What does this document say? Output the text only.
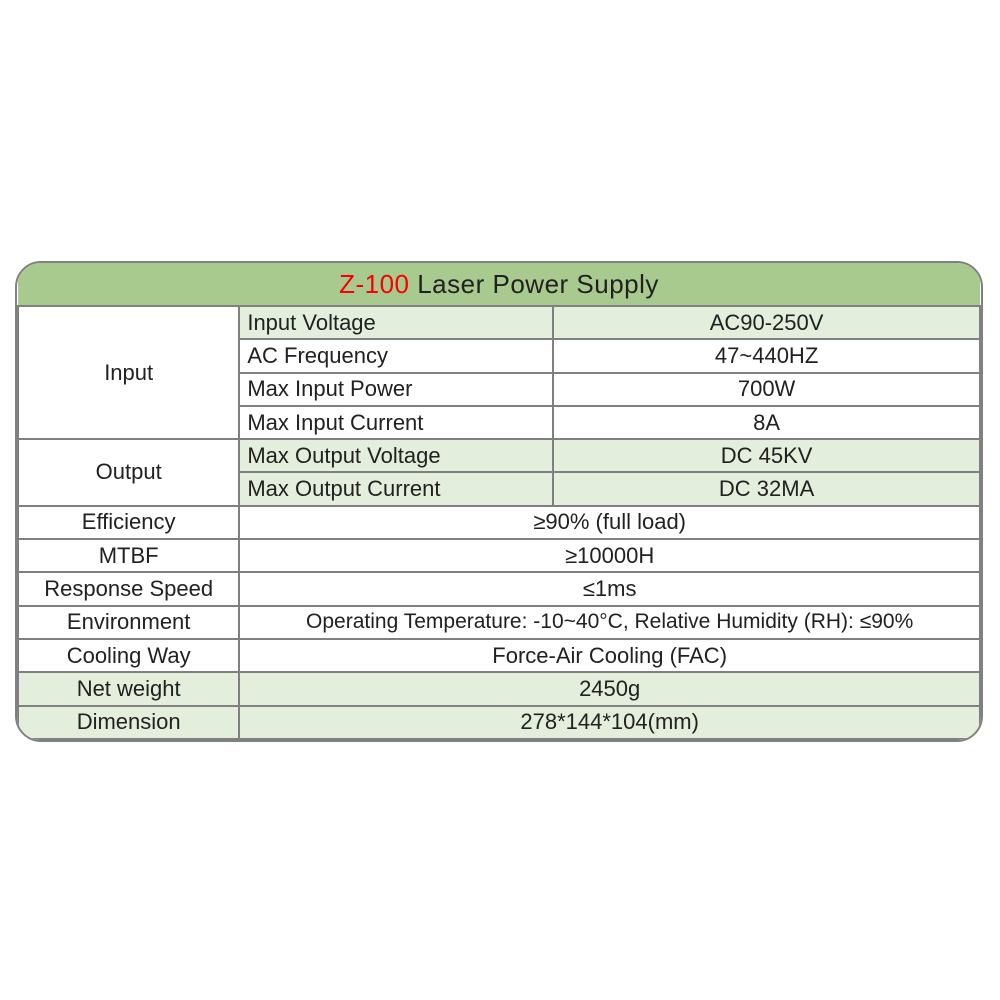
Z-100 Laser Power Supply		
Input	Input Voltage	AC90-250V
	AC Frequency	47~440HZ
	Max Input Power	700W
	Max Input Current	8A
Output	Max Output Voltage	DC 45KV
	Max Output Current	DC 32MA
Efficiency	≥90% (full load)	
MTBF	≥10000H	
Response Speed	≤1ms	
Environment	Operating Temperature: -10~40°C, Relative Humidity (RH): ≤90%	
Cooling Way	Force-Air Cooling (FAC)	
Net weight	2450g	
Dimension	278*144*104(mm)	
